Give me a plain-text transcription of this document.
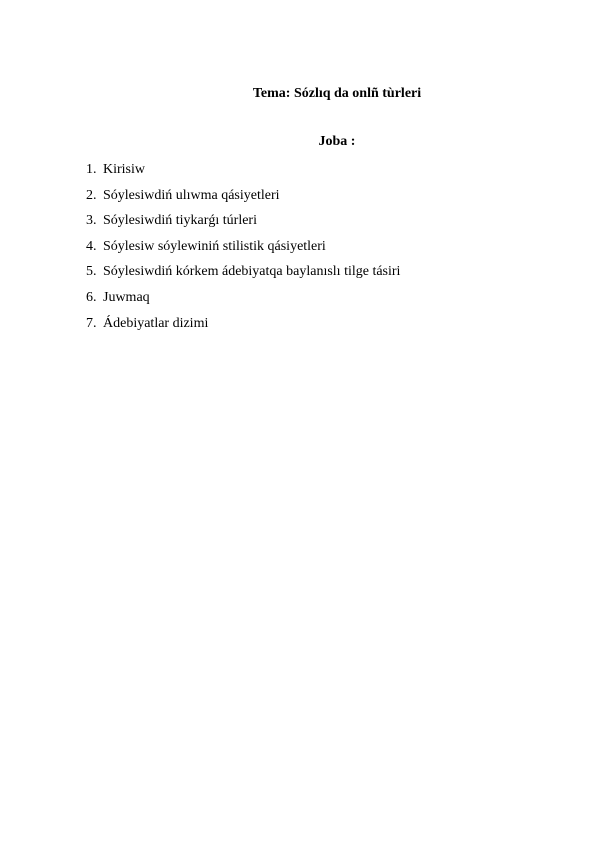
Tema: Sózlıq da onlñ tùrleri
Joba :
1. Kirisiw
2. Sóylesiwdiń ulıwma qásiyetleri
3. Sóylesiwdiń tiykarǵı túrleri
4. Sóylesiw sóylewiniń stilistik qásiyetleri
5. Sóylesiwdiń kórkem ádebiyatqa baylanıslı tilge tásiri
6. Juwmaq
7. Ádebiyatlar dizimi
